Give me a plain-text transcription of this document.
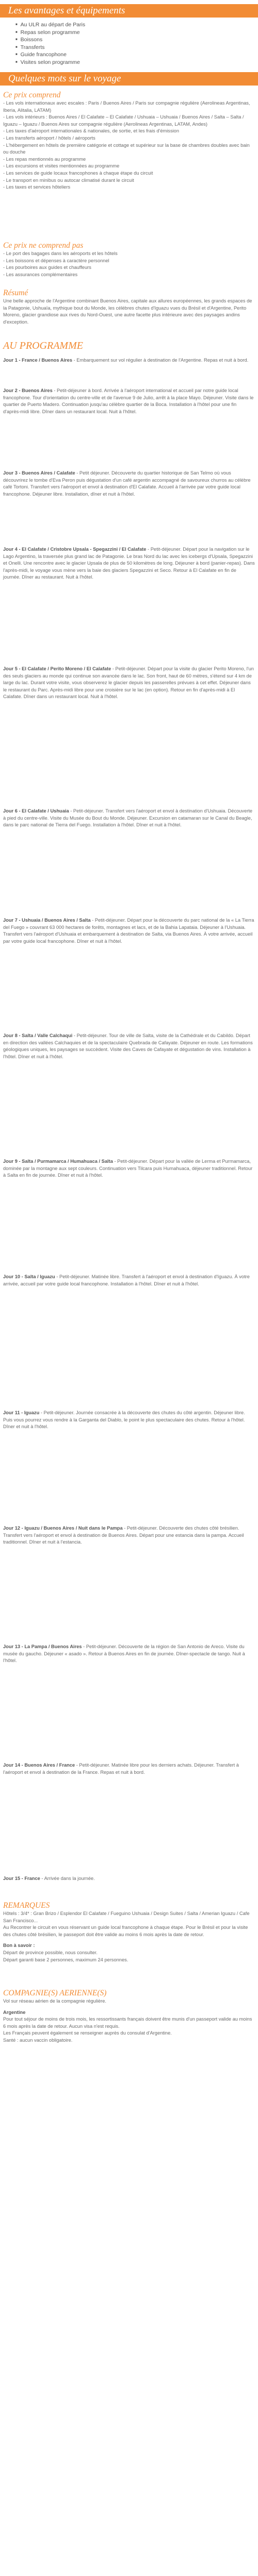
Les avantages et équipements
■ Au ULR au départ de Paris
■ Repas selon programme
■ Boissons
■ Transferts
■ Guide francophone
■ Visites selon programme
Quelques mots sur le voyage
Ce prix comprend

- Les vols internationaux avec escales : Paris / Buenos Aires / Paris sur compagnie régulière (Aerolineas Argentinas, Iberia, Alitalia, LATAM)

- Les vols intérieurs : Buenos Aires / El Calafate – El Calafate / Ushuaia – Ushuaia / Buenos Aires / Salta – Salta / Iguazu – Iguazu / Buenos Aires sur compagnie régulière (Aerolineas Argentinas, LATAM, Andes)

- Les taxes d'aéroport internationales & nationales, de sortie, et les frais d'émission

- Les transferts aéroport / hôtels / aéroports

- L'hébergement en hôtels de première catégorie et cottage et supérieur sur la base de chambres doubles avec bain ou douche

- Les repas mentionnés au programme

- Les excursions et visites mentionnées au programme

- Les services de guide locaux francophones à chaque étape du circuit

- Le transport en minibus ou autocar climatisé durant le circuit

- Les taxes et services hôteliers

Ce prix ne comprend pas

- Le port des bagages dans les aéroports et les hôtels

- Les boissons et dépenses à caractère personnel

- Les pourboires aux guides et chauffeurs

- Les assurances complémentaires

Résumé
Une belle approche de l'Argentine combinant Buenos Aires, capitale aux allures européennes, les grands espaces de la Patagonie, Ushuaïa, mythique bout du Monde, les célèbres chutes d'Iguazu vues du Brésil et d'Argentine, Perito Moreno, glacier grandiose aux rives du Nord-Ouest, une autre facette plus intérieure avec des paysages andins d'exception.
AU PROGRAMME

Jour 1 - France / Buenos Aires - Embarquement sur vol régulier à destination de l'Argentine. Repas et nuit à bord.

Jour 2 - Buenos Aires - Petit-déjeuner à bord. Arrivée à l'aéroport international et accueil par notre guide local francophone. Tour d'orientation du centre-ville et de l'avenue 9 de Julio, arrêt à la place Mayo. Déjeuner. Visite dans le quartier de Puerto Madero. Continuation jusqu'au célèbre quartier de la Boca. Installation à l'hôtel pour une fin d'après-midi libre. Dîner dans un restaurant local. Nuit à l'hôtel.

Jour 3 - Buenos Aires / Calafate - Petit déjeuner. Découverte du quartier historique de San Telmo où vous découvrirez le tombe d'Eva Peron puis dégustation d'un café argentin accompagné de savoureux churros au célèbre café Tortoni. Transfert vers l'aéroport et envol à destination d'El Calafate. Accueil à l'arrivée par votre guide local francophone. Déjeuner libre. Installation, dîner et nuit à l'hôtel.

Jour 4 - El Calafate / Cristobre Upsala - Spegazzini / El Calafate - Petit-déjeuner. Départ pour la navigation sur le Lago Argentino, la traversée plus grand lac de Patagonie. Le bras Nord du lac avec les icebergs d'Upsala, Spegazzini et Onelli. Une rencontre avec le glacier Upsala de plus de 50 kilomètres de long. Déjeuner à bord (panier-repas). Dans l'après-midi, le voyage vous mène vers la baie des glaciers Spegazzini et Seco. Retour à El Calafate en fin de journée. Dîner au restaurant. Nuit à l'hôtel.

Jour 5 - El Calafate / Perito Moreno / El Calafate - Petit-déjeuner. Départ pour la visite du glacier Perito Moreno, l'un des seuls glaciers au monde qui continue son avancée dans le lac. Son front, haut de 60 mètres, s'étend sur 4 km de large du lac. Durant votre visite, vous observerez le glacier depuis les passerelles prévues à cet effet. Déjeuner dans le restaurant du Parc. Après-midi libre pour une croisière sur le lac (en option). Retour en fin d'après-midi à El Calafate. Dîner dans un restaurant local. Nuit à l'hôtel.

Jour 6 - El Calafate / Ushuaia - Petit-déjeuner. Transfert vers l'aéroport et envol à destination d'Ushuaia. Découverte à pied du centre-ville. Visite du Musée du Bout du Monde. Déjeuner. Excursion en catamaran sur le Canal du Beagle, dans le parc national de Tierra del Fuego. Installation à l'hôtel. Dîner et nuit à l'hôtel.

Jour 7 - Ushuaia / Buenos Aires / Salta - Petit-déjeuner. Départ pour la découverte du parc national de la « La Tierra del Fuego » couvrant 63 000 hectares de forêts, montagnes et lacs, et de la Bahia Lapataia. Déjeuner à l'Ushuaia. Transfert vers l'aéroport d'Ushuaia et embarquement à destination de Salta, via Buenos Aires. À votre arrivée, accueil par votre guide local francophone. Dîner et nuit à l'hôtel.

Jour 8 - Salta / Valle Calchaqui - Petit-déjeuner. Tour de ville de Salta, visite de la Cathédrale et du Cabildo. Départ en direction des vallées Calchaquies et de la spectaculaire Quebrada de Cafayate. Déjeuner en route. Les formations géologiques uniques, les paysages se succèdent. Visite des Caves de Cafayate et dégustation de vins. Installation à l'hôtel. Dîner et nuit à l'hôtel.

Jour 9 - Salta / Purmamarca / Humahuaca / Salta - Petit-déjeuner. Départ pour la vallée de Lerma et Purmamarca, dominée par la montagne aux sept couleurs. Continuation vers Tilcara puis Humahuaca, déjeuner traditionnel. Retour à Salta en fin de journée. Dîner et nuit à l'hôtel.

Jour 10 - Salta / Iguazu - Petit-déjeuner. Matinée libre. Transfert à l'aéroport et envol à destination d'Iguazu. À votre arrivée, accueil par votre guide local francophone. Installation à l'hôtel. Dîner et nuit à l'hôtel.

Jour 11 - Iguazu - Petit-déjeuner. Journée consacrée à la découverte des chutes du côté argentin. Déjeuner libre. Puis vous pourrez vous rendre à la Garganta del Diablo, le point le plus spectaculaire des chutes. Retour à l'hôtel. Dîner et nuit à l'hôtel.

Jour 12 - Iguazu / Buenos Aires / Nuit dans le Pampa - Petit-déjeuner. Découverte des chutes côté brésilien. Transfert vers l'aéroport et envol à destination de Buenos Aires. Départ pour une estancia dans la pampa. Accueil traditionnel. Dîner et nuit à l'estancia.

Jour 13 - La Pampa / Buenos Aires - Petit-déjeuner. Découverte de la région de San Antonio de Areco. Visite du musée du gaucho. Déjeuner « asado ». Retour à Buenos Aires en fin de journée. Dîner-spectacle de tango. Nuit à l'hôtel.

Jour 14 - Buenos Aires / France - Petit-déjeuner. Matinée libre pour les derniers achats. Déjeuner. Transfert à l'aéroport et envol à destination de la France. Repas et nuit à bord.

Jour 15 - France - Arrivée dans la journée.

REMARQUES

Hôtels : 3/4* : Gran Brizo / Esplendor El Calafate / Fueguino Ushuaia / Design Suites / Salta / Amerian Iguazu / Cafe San Francisco...

Au Recontrer le circuit en vous réservant un guide local francophone à chaque étape. Pour le Brésil et pour la visite des chutes côté brésilien, le passeport doit être valide au moins 6 mois après la date de retour.

Bon à savoir :

Départ de province possible, nous consulter.

Départ garanti base 2 personnes, maximum 24 personnes.

COMPAGNIE(S) AERIENNE(S)

Vol sur réseau aérien de la compagnie régulière.

Argentine

Pour tout séjour de moins de trois mois, les ressortissants français doivent être munis d'un passeport valide au moins 6 mois après la date de retour. Aucun visa n'est requis.

Les Français peuvent également se renseigner auprès du consulat d'Argentine.

Santé : aucun vaccin obligatoire.
